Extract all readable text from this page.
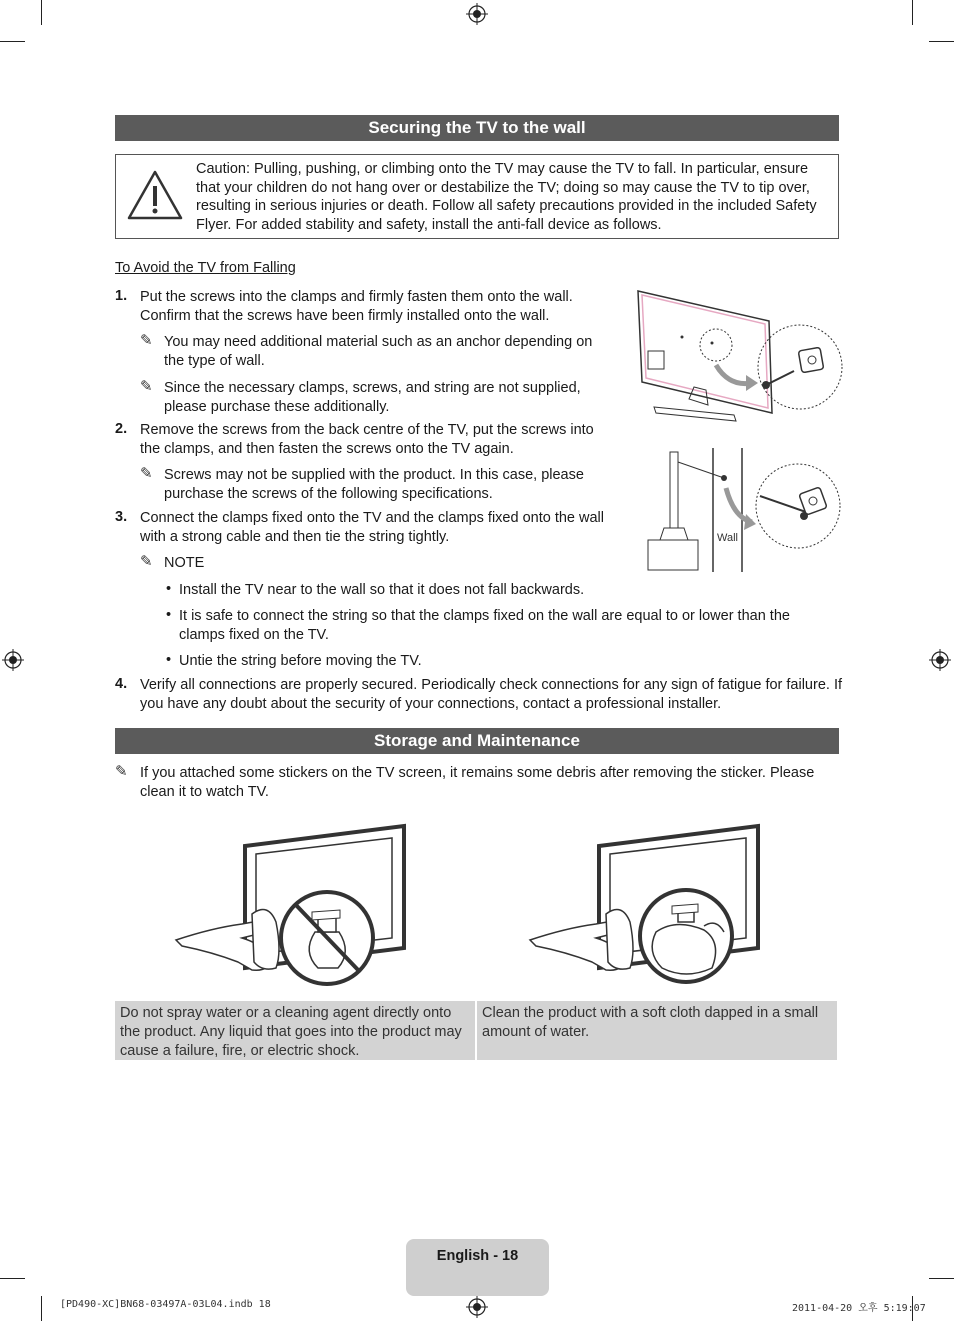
Securing the TV to the wall
Caution: Pulling, pushing, or climbing onto the TV may cause the TV to fall. In particular, ensure that your children do not hang over or destabilize the TV; doing so may cause the TV to tip over, resulting in serious injuries or death. Follow all safety precautions provided in the included Safety Flyer. For added stability and safety, install the anti-fall device as follows.
To Avoid the TV from Falling
1. Put the screws into the clamps and firmly fasten them onto the wall.
Confirm that the screws have been firmly installed onto the wall.
✎ You may need additional material such as an anchor depending on
the type of wall.
✎ Since the necessary clamps, screws, and string are not supplied,
please purchase these additionally.
2. Remove the screws from the back centre of the TV, put the screws into
the clamps, and then fasten the screws onto the TV again.
✎ Screws may not be supplied with the product. In this case, please
purchase the screws of the following specifications.
3. Connect the clamps fixed onto the TV and the clamps fixed onto the wall
with a strong cable and then tie the string tightly.
✎ NOTE
• Install the TV near to the wall so that it does not fall backwards.
• It is safe to connect the string so that the clamps fixed on the wall are equal to or lower than the
clamps fixed on the TV.
• Untie the string before moving the TV.
4. Verify all connections are properly secured. Periodically check connections for any sign of fatigue for failure. If
you have any doubt about the security of your connections, contact a professional installer.
Wall
Storage and Maintenance
✎ If you attached some stickers on the TV screen, it remains some debris after removing the sticker. Please
clean it to watch TV.
Do not spray water or a cleaning agent directly onto the product. Any liquid that goes into the product may cause a failure, fire, or electric shock.
Clean the product with a soft cloth dapped in a small amount of water.
English - 18
[PD490-XC]BN68-03497A-03L04.indb 18	2011-04-20 오후 5:19:07
